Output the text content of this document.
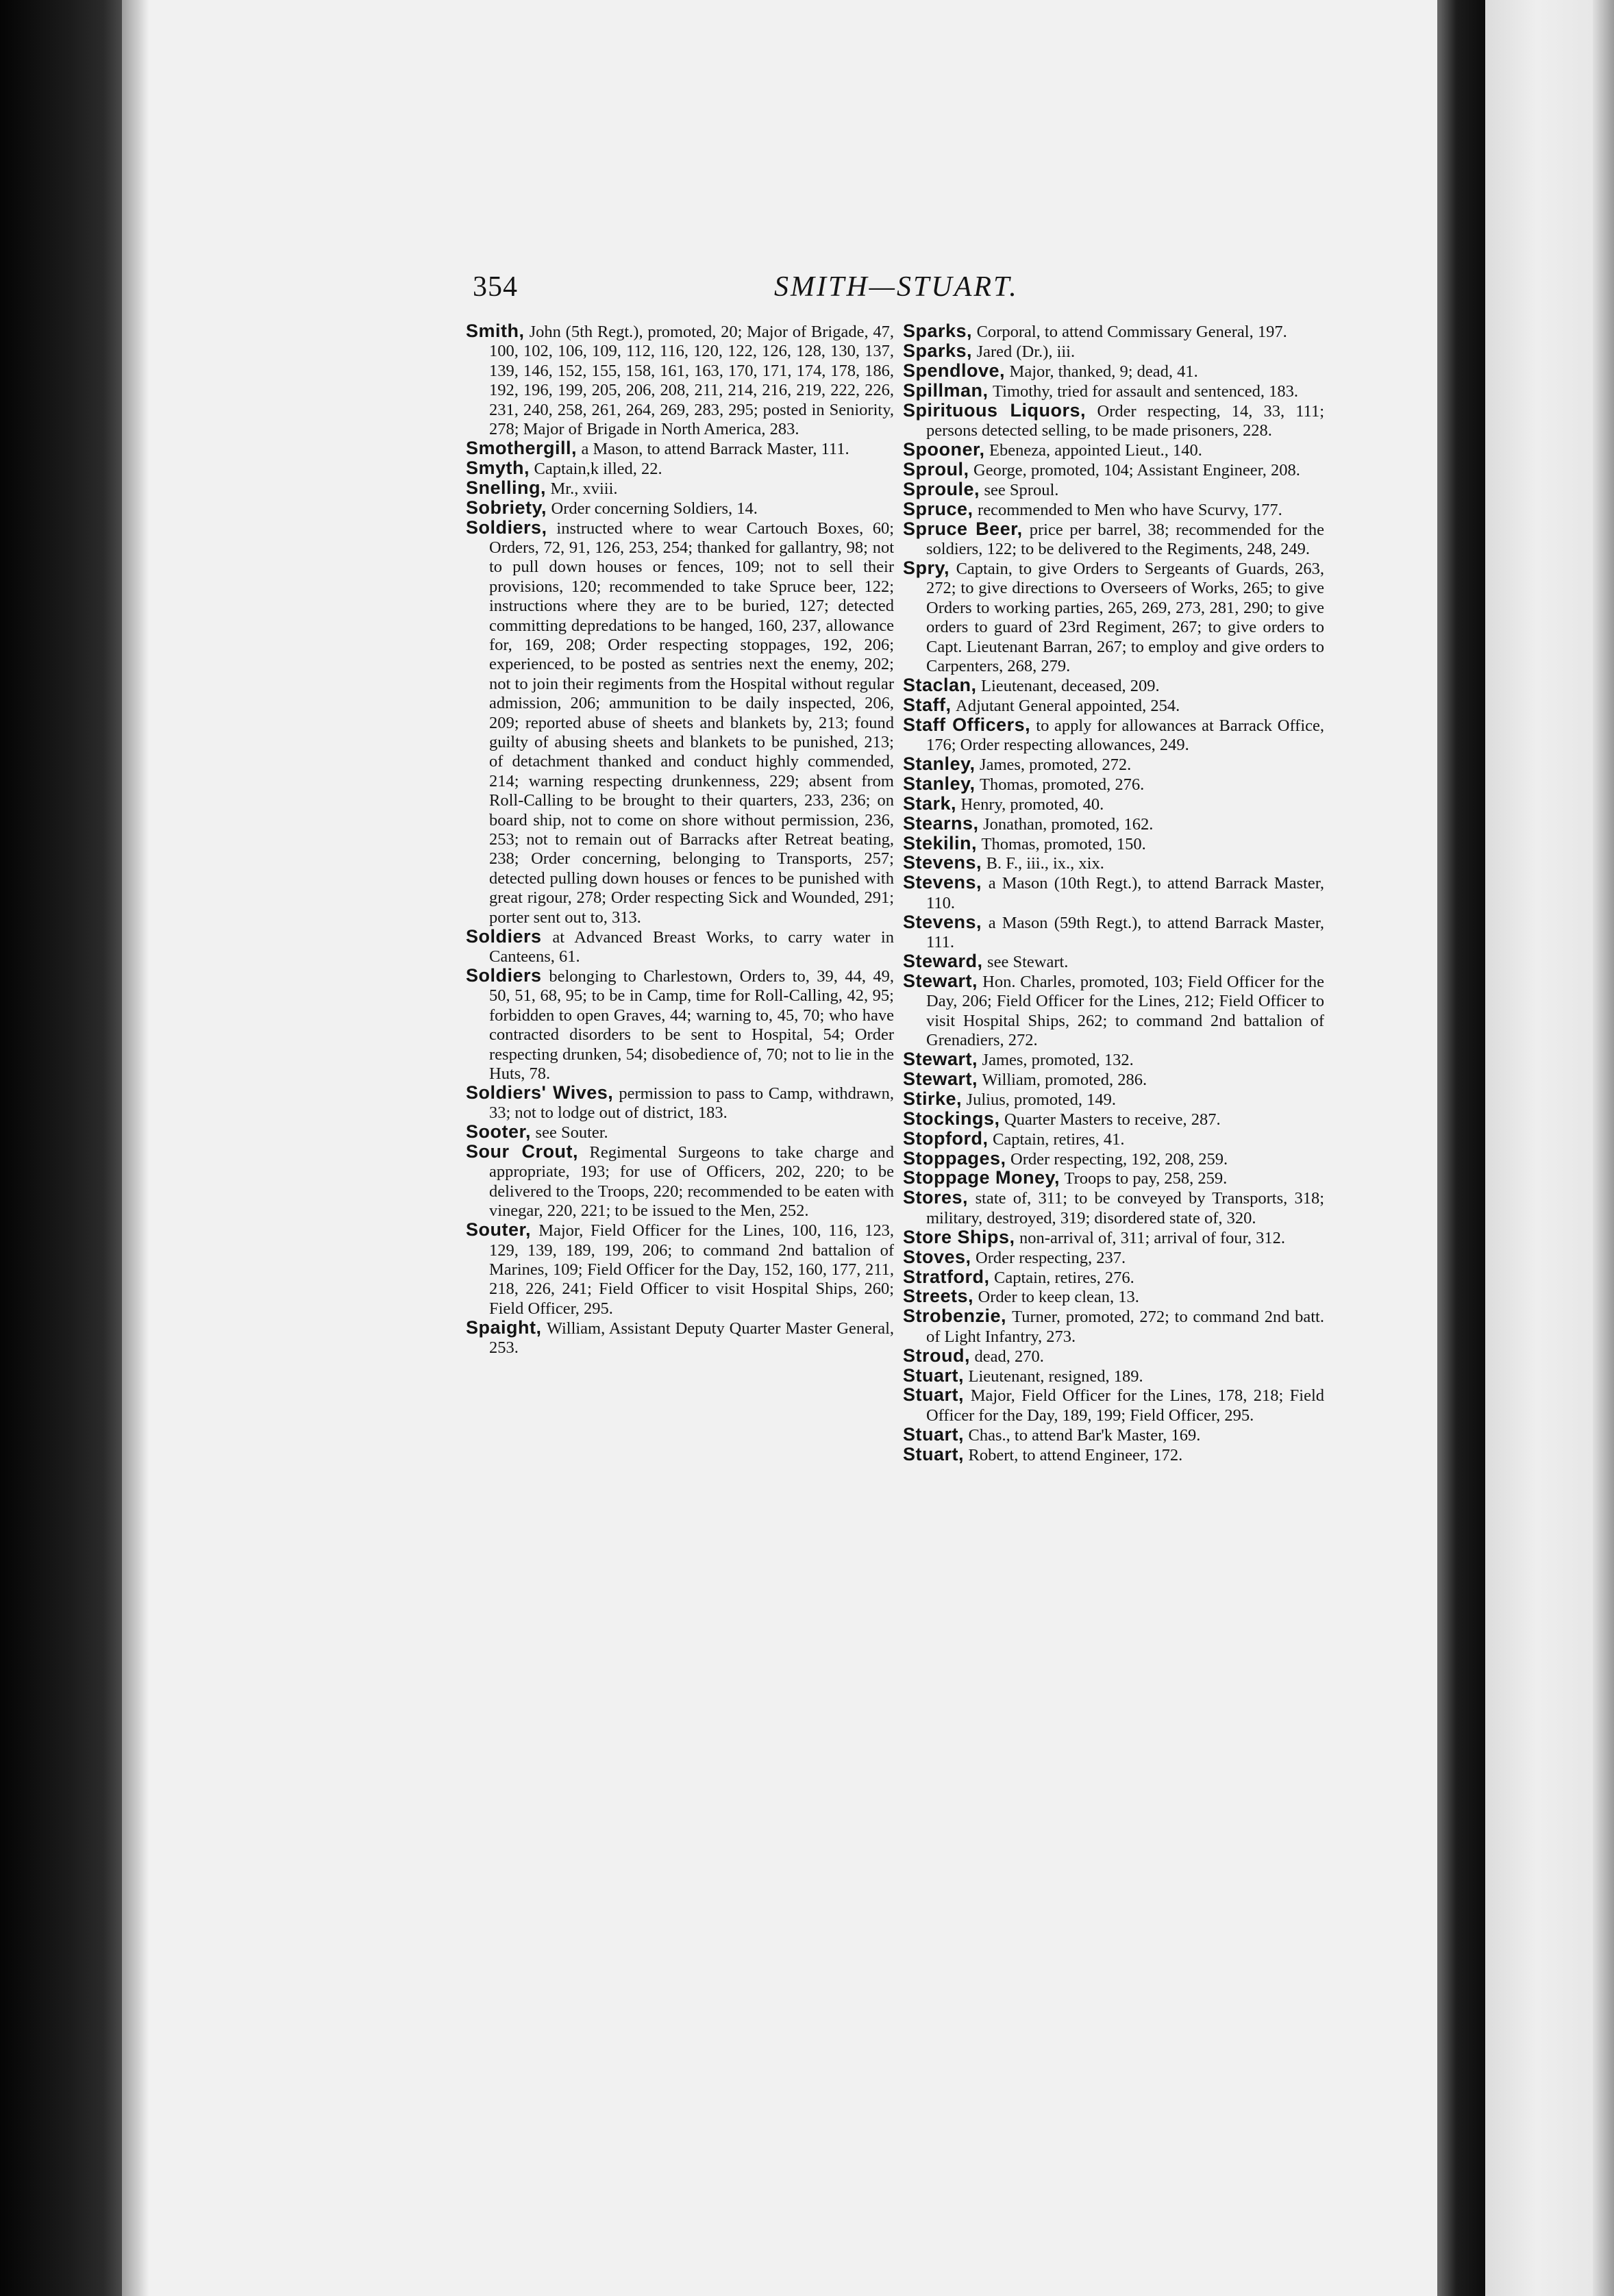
354	SMITH—STUART.

Smith, John (5th Regt.), promoted, 20; Major of Brigade, 47, 100, 102, 106, 109, 112, 116, 120, 122, 126, 128, 130, 137, 139, 146, 152, 155, 158, 161, 163, 170, 171, 174, 178, 186, 192, 196, 199, 205, 206, 208, 211, 214, 216, 219, 222, 226, 231, 240, 258, 261, 264, 269, 283, 295; posted in Seniority, 278; Major of Brigade in North America, 283.

Smothergill, a Mason, to attend Barrack Master, 111.

Smyth, Captain,k illed, 22.

Snelling, Mr., xviii.

Sobriety, Order concerning Soldiers, 14.

Soldiers, instructed where to wear Cartouch Boxes, 60; Orders, 72, 91, 126, 253, 254; thanked for gallantry, 98; not to pull down houses or fences, 109; not to sell their provisions, 120; recommended to take Spruce beer, 122; instructions where they are to be buried, 127; detected committing depredations to be hanged, 160, 237, allowance for, 169, 208; Order respecting stoppages, 192, 206; experienced, to be posted as sentries next the enemy, 202; not to join their regiments from the Hospital without regular admission, 206; ammunition to be daily inspected, 206, 209; reported abuse of sheets and blankets by, 213; found guilty of abusing sheets and blankets to be punished, 213; of detachment thanked and conduct highly commended, 214; warning respecting drunkenness, 229; absent from Roll-Calling to be brought to their quarters, 233, 236; on board ship, not to come on shore without permission, 236, 253; not to remain out of Barracks after Retreat beating, 238; Order concerning, belonging to Transports, 257; detected pulling down houses or fences to be punished with great rigour, 278; Order respecting Sick and Wounded, 291; porter sent out to, 313.

Soldiers at Advanced Breast Works, to carry water in Canteens, 61.

Soldiers belonging to Charlestown, Orders to, 39, 44, 49, 50, 51, 68, 95; to be in Camp, time for Roll-Calling, 42, 95; forbidden to open Graves, 44; warning to, 45, 70; who have contracted disorders to be sent to Hospital, 54; Order respecting drunken, 54; disobedience of, 70; not to lie in the Huts, 78.

Soldiers' Wives, permission to pass to Camp, withdrawn, 33; not to lodge out of district, 183.

Sooter, see Souter.

Sour Crout, Regimental Surgeons to take charge and appropriate, 193; for use of Officers, 202, 220; to be delivered to the Troops, 220; recommended to be eaten with vinegar, 220, 221; to be issued to the Men, 252.

Souter, Major, Field Officer for the Lines, 100, 116, 123, 129, 139, 189, 199, 206; to command 2nd battalion of Marines, 109; Field Officer for the Day, 152, 160, 177, 211, 218, 226, 241; Field Officer to visit Hospital Ships, 260; Field Officer, 295.

Spaight, William, Assistant Deputy Quarter Master General, 253.

Sparks, Corporal, to attend Commissary General, 197.

Sparks, Jared (Dr.), iii.

Spendlove, Major, thanked, 9; dead, 41.

Spillman, Timothy, tried for assault and sentenced, 183.

Spirituous Liquors, Order respecting, 14, 33, 111; persons detected selling, to be made prisoners, 228.

Spooner, Ebeneza, appointed Lieut., 140.

Sproul, George, promoted, 104; Assistant Engineer, 208.

Sproule, see Sproul.

Spruce, recommended to Men who have Scurvy, 177.

Spruce Beer, price per barrel, 38; recommended for the soldiers, 122; to be delivered to the Regiments, 248, 249.

Spry, Captain, to give Orders to Sergeants of Guards, 263, 272; to give directions to Overseers of Works, 265; to give Orders to working parties, 265, 269, 273, 281, 290; to give orders to guard of 23rd Regiment, 267; to give orders to Capt. Lieutenant Barran, 267; to employ and give orders to Carpenters, 268, 279.

Staclan, Lieutenant, deceased, 209.

Staff, Adjutant General appointed, 254.

Staff Officers, to apply for allowances at Barrack Office, 176; Order respecting allowances, 249.

Stanley, James, promoted, 272.

Stanley, Thomas, promoted, 276.

Stark, Henry, promoted, 40.

Stearns, Jonathan, promoted, 162.

Stekilin, Thomas, promoted, 150.

Stevens, B. F., iii., ix., xix.

Stevens, a Mason (10th Regt.), to attend Barrack Master, 110.

Stevens, a Mason (59th Regt.), to attend Barrack Master, 111.

Steward, see Stewart.

Stewart, Hon. Charles, promoted, 103; Field Officer for the Day, 206; Field Officer for the Lines, 212; Field Officer to visit Hospital Ships, 262; to command 2nd battalion of Grenadiers, 272.

Stewart, James, promoted, 132.

Stewart, William, promoted, 286.

Stirke, Julius, promoted, 149.

Stockings, Quarter Masters to receive, 287.

Stopford, Captain, retires, 41.

Stoppages, Order respecting, 192, 208, 259.

Stoppage Money, Troops to pay, 258, 259.

Stores, state of, 311; to be conveyed by Transports, 318; military, destroyed, 319; disordered state of, 320.

Store Ships, non-arrival of, 311; arrival of four, 312.

Stoves, Order respecting, 237.

Stratford, Captain, retires, 276.

Streets, Order to keep clean, 13.

Strobenzie, Turner, promoted, 272; to command 2nd batt. of Light Infantry, 273.

Stroud, dead, 270.

Stuart, Lieutenant, resigned, 189.

Stuart, Major, Field Officer for the Lines, 178, 218; Field Officer for the Day, 189, 199; Field Officer, 295.

Stuart, Chas., to attend Bar'k Master, 169.

Stuart, Robert, to attend Engineer, 172.
